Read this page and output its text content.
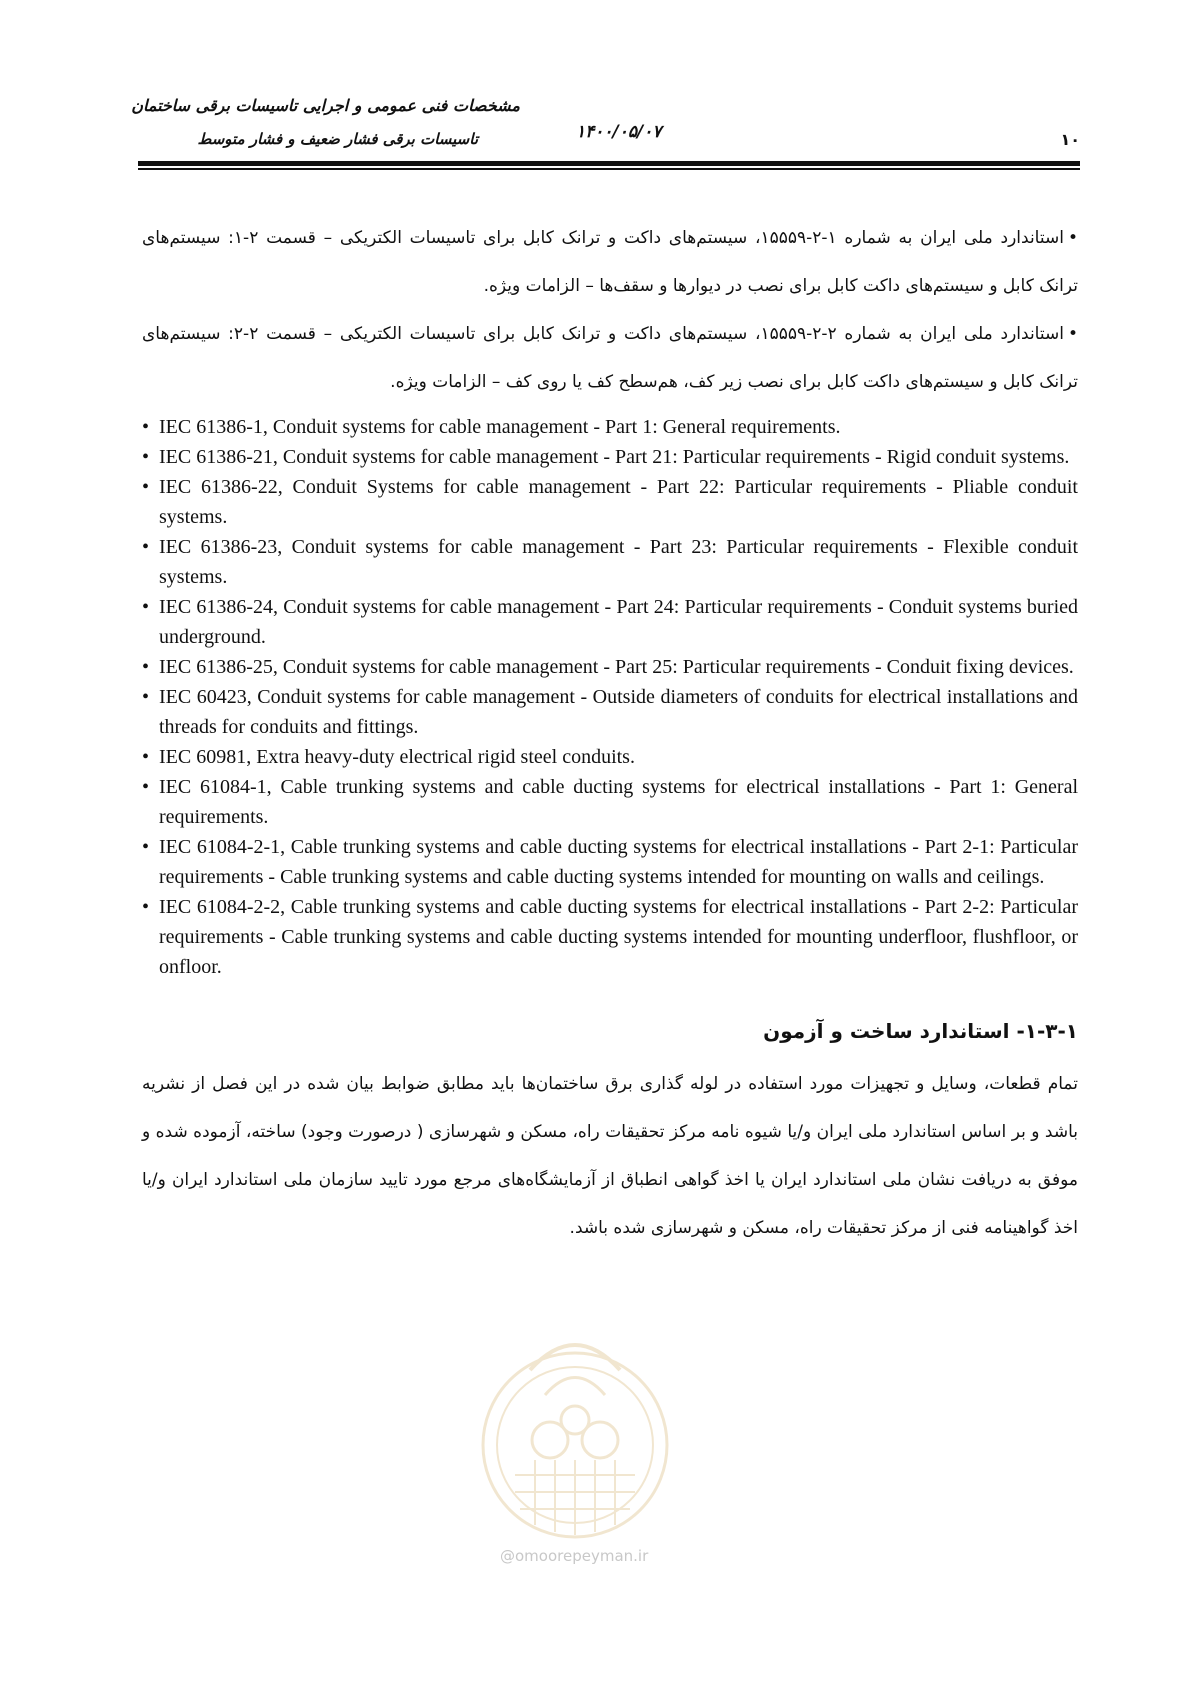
مشخصات فنی عمومی و اجرایی تاسیسات برقی ساختمان
تاسیسات برقی فشار ضعیف و فشار متوسط	۱۴۰۰/۰۵/۰۷	۱۰
•استاندارد ملی ایران به شماره ۱-۲-۱۵۵۵۹، سیستم‌های داکت و ترانک کابل برای تاسیسات الکتریکی – قسمت ۲-۱: سیستم‌های ترانک کابل و سیستم‌های داکت کابل برای نصب در دیوارها و سقف‌ها – الزامات ویژه.
•استاندارد ملی ایران به شماره ۲-۲-۱۵۵۵۹، سیستم‌های داکت و ترانک کابل برای تاسیسات الکتریکی – قسمت ۲-۲: سیستم‌های ترانک کابل و سیستم‌های داکت کابل برای نصب زیر کف، هم‌سطح کف یا روی کف – الزامات ویژه.
• IEC 61386-1, Conduit systems for cable management - Part 1: General requirements.
• IEC 61386-21, Conduit systems for cable management - Part 21: Particular requirements - Rigid conduit systems.
• IEC 61386-22, Conduit Systems for cable management - Part 22: Particular requirements - Pliable conduit systems.
• IEC 61386-23, Conduit systems for cable management - Part 23: Particular requirements - Flexible conduit systems.
• IEC 61386-24, Conduit systems for cable management - Part 24: Particular requirements - Conduit systems buried underground.
• IEC 61386-25, Conduit systems for cable management - Part 25: Particular requirements - Conduit fixing devices.
• IEC 60423, Conduit systems for cable management - Outside diameters of conduits for electrical installations and threads for conduits and fittings.
• IEC 60981, Extra heavy-duty electrical rigid steel conduits.
• IEC 61084-1, Cable trunking systems and cable ducting systems for electrical installations - Part 1: General requirements.
• IEC 61084-2-1, Cable trunking systems and cable ducting systems for electrical installations - Part 2-1: Particular requirements - Cable trunking systems and cable ducting systems intended for mounting on walls and ceilings.
• IEC 61084-2-2, Cable trunking systems and cable ducting systems for electrical installations - Part 2-2: Particular requirements - Cable trunking systems and cable ducting systems intended for mounting underfloor, flushfloor, or onfloor.
۱-۳-۱- استاندارد ساخت و آزمون

تمام قطعات، وسایل و تجهیزات مورد استفاده در لوله گذاری برق ساختمان‌ها باید مطابق ضوابط بیان شده در این فصل از نشریه باشد و بر اساس استاندارد ملی ایران و/یا شیوه نامه مرکز تحقیقات راه، مسکن و شهرسازی ( درصورت وجود) ساخته، آزموده شده و موفق به دریافت نشان ملی استاندارد ایران یا اخذ گواهی انطباق از آزمایشگاه‌های مرجع مورد تایید سازمان ملی استاندارد ایران و/یا اخذ گواهینامه فنی از مرکز تحقیقات راه، مسکن و شهرسازی شده باشد.

@omoorepeyman.ir
